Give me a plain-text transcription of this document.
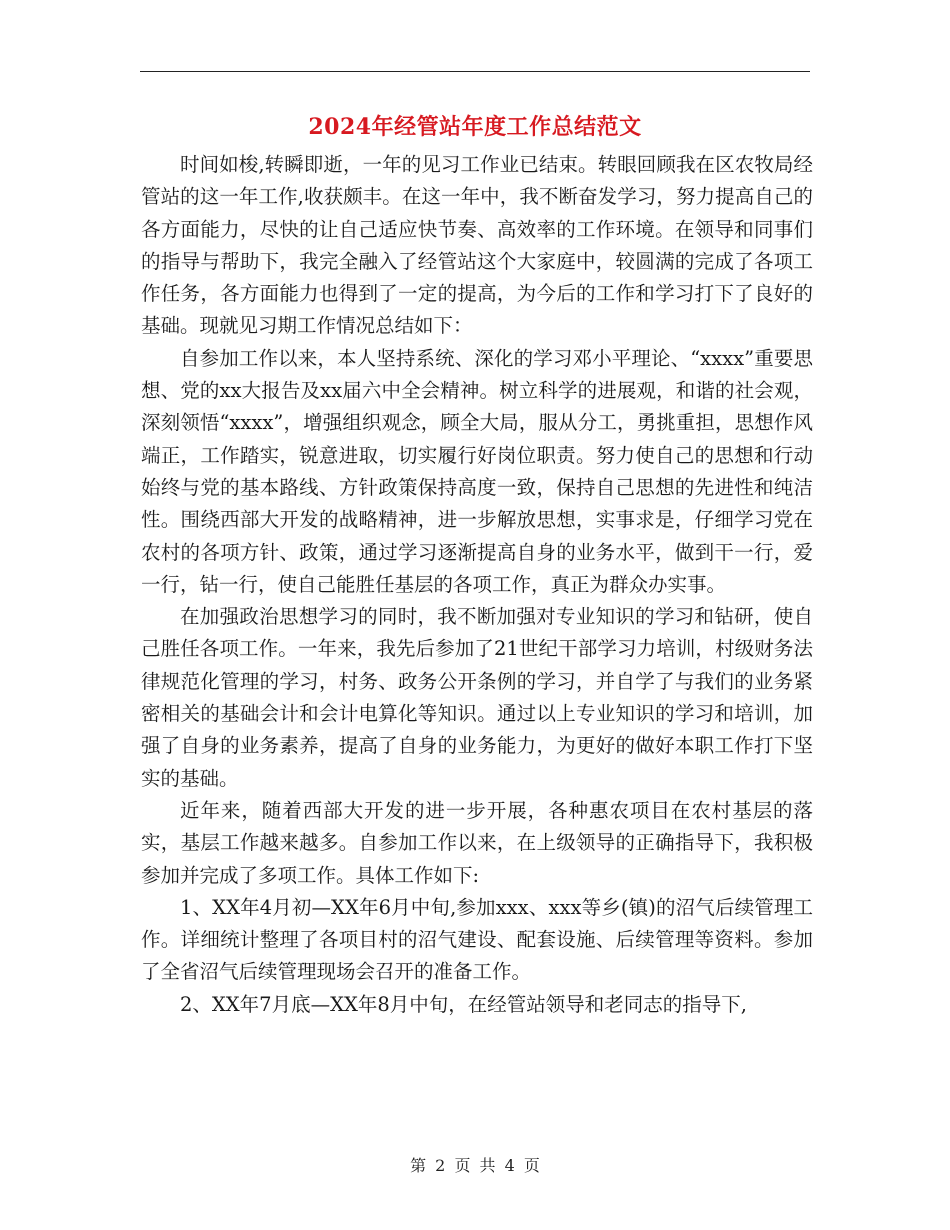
2024年经管站年度工作总结范文

时间如梭,转瞬即逝，一年的见习工作业已结束。转眼回顾我在区农牧局经管站的这一年工作,收获颇丰。在这一年中，我不断奋发学习，努力提高自己的各方面能力，尽快的让自己适应快节奏、高效率的工作环境。在领导和同事们的指导与帮助下，我完全融入了经管站这个大家庭中，较圆满的完成了各项工作任务，各方面能力也得到了一定的提高，为今后的工作和学习打下了良好的基础。现就见习期工作情况总结如下：

自参加工作以来，本人坚持系统、深化的学习邓小平理论、“xxxx”重要思想、党的xx大报告及xx届六中全会精神。树立科学的进展观，和谐的社会观，深刻领悟“xxxx”，增强组织观念，顾全大局，服从分工，勇挑重担，思想作风端正，工作踏实，锐意进取，切实履行好岗位职责。努力使自己的思想和行动始终与党的基本路线、方针政策保持高度一致，保持自己思想的先进性和纯洁性。围绕西部大开发的战略精神，进一步解放思想，实事求是，仔细学习党在农村的各项方针、政策，通过学习逐渐提高自身的业务水平，做到干一行，爱一行，钻一行，使自己能胜任基层的各项工作，真正为群众办实事。

在加强政治思想学习的同时，我不断加强对专业知识的学习和钻研，使自己胜任各项工作。一年来，我先后参加了21世纪干部学习力培训，村级财务法律规范化管理的学习，村务、政务公开条例的学习，并自学了与我们的业务紧密相关的基础会计和会计电算化等知识。通过以上专业知识的学习和培训，加强了自身的业务素养，提高了自身的业务能力，为更好的做好本职工作打下坚实的基础。

近年来，随着西部大开发的进一步开展，各种惠农项目在农村基层的落实，基层工作越来越多。自参加工作以来，在上级领导的正确指导下，我积极参加并完成了多项工作。具体工作如下:

1、XX年4月初—XX年6月中旬,参加xxx、xxx等乡(镇)的沼气后续管理工作。详细统计整理了各项目村的沼气建设、配套设施、后续管理等资料。参加了全省沼气后续管理现场会召开的准备工作。

2、XX年7月底—XX年8月中旬，在经管站领导和老同志的指导下,

第 2 页 共 4 页
